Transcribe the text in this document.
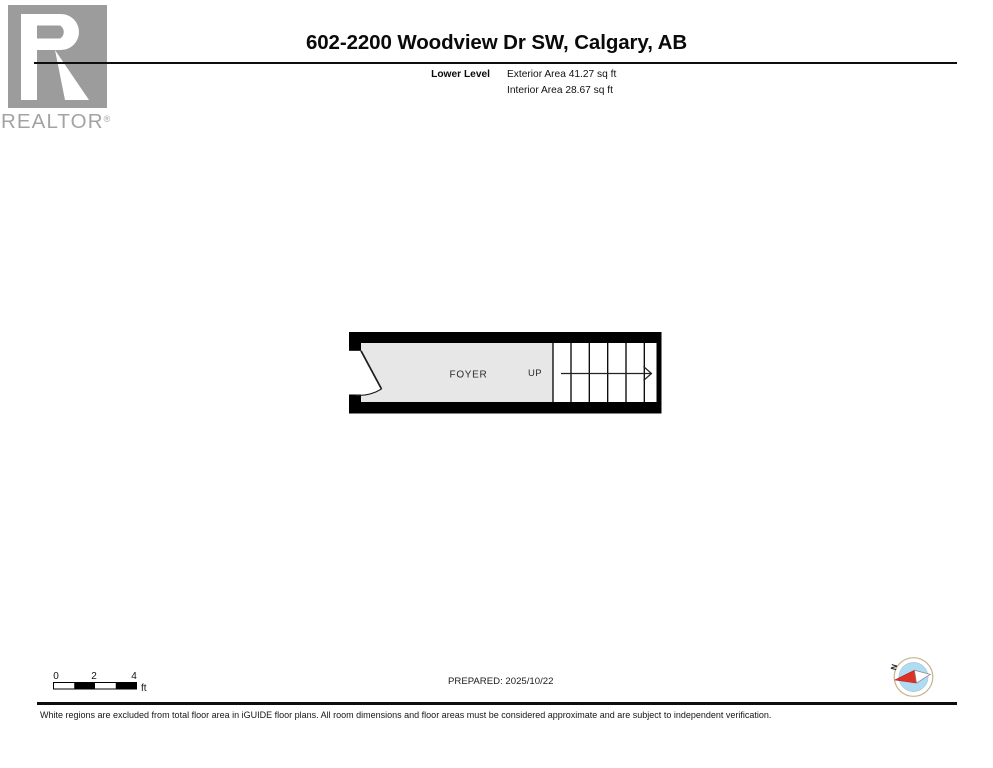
REALTOR®
602-2200 Woodview Dr SW, Calgary, AB
Lower Level Exterior Area 41.27 sq ft
Interior Area 28.67 sq ft
FOYER	UP
0	2	4
ft
PREPARED: 2025/10/22
N
White regions are excluded from total floor area in iGUIDE floor plans. All room dimensions and floor areas must be considered approximate and are subject to independent verification.
